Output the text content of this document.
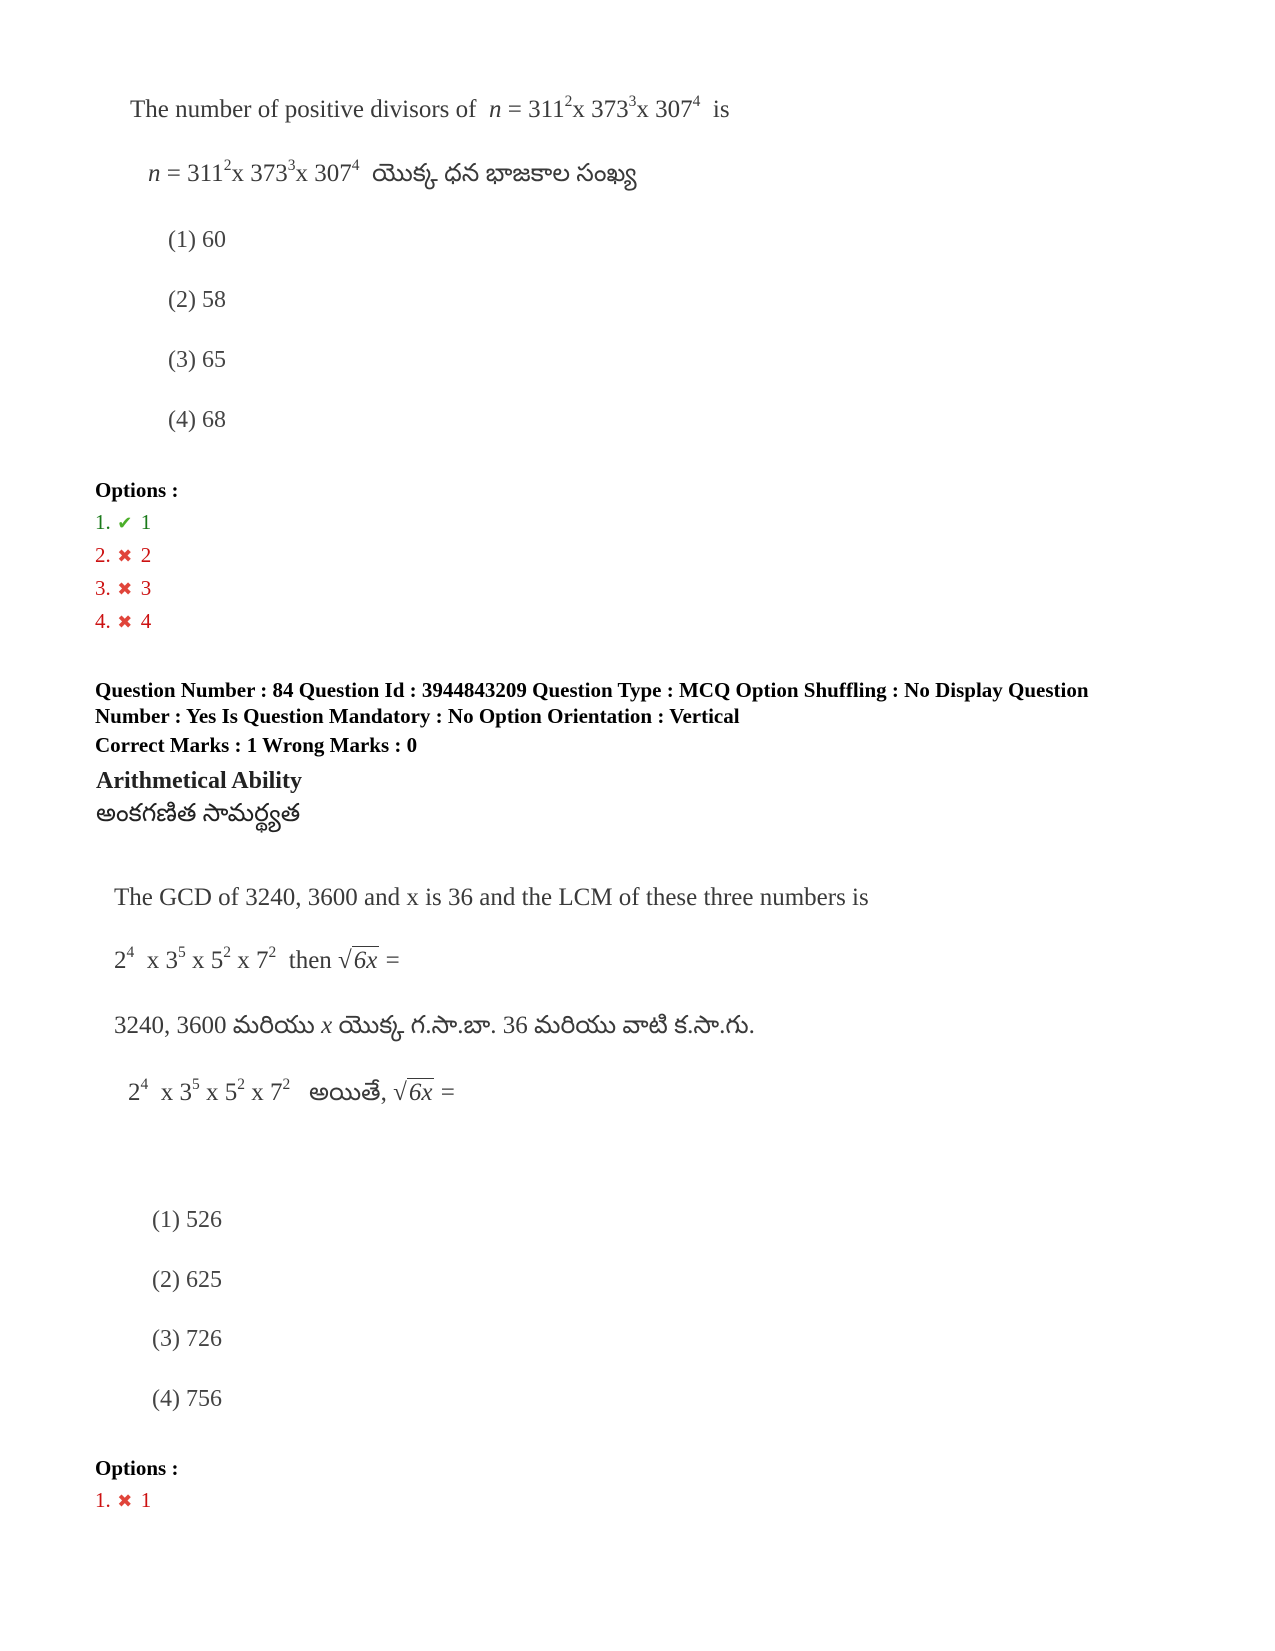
The number of positive divisors of $n = 311^2x$ $373^3x$ $307^4$ is
$n = 311^2x$ $373^3x$ $307^4$ యొక్క ధన భాజకాల సంఖ్య
(1) 60
(2) 58
(3) 65
(4) 68
Options :
1. ✔ 1
2. ✖ 2
3. ✖ 3
4. ✖ 4
Question Number : 84 Question Id : 3944843209 Question Type : MCQ Option Shuffling : No Display Question
Number : Yes Is Question Mandatory : No Option Orientation : Vertical
Correct Marks : 1 Wrong Marks : 0
Arithmetical Ability
అంకగణిత సామర్థ్యత
The GCD of 3240, 3600 and x is 36 and the LCM of these three numbers is
$2^4$ x $3^5$ x $5^2$ x $7^2$ then √6x =
3240, 3600 మరియు x యొక్క గ.సా.బా. 36 మరియు వాటి క.సా.గు.
$2^4$ x $3^5$ x $5^2$ x $7^2$ అయితే, √6x =
(1) 526
(2) 625
(3) 726
(4) 756
Options :
1. ✖ 1
